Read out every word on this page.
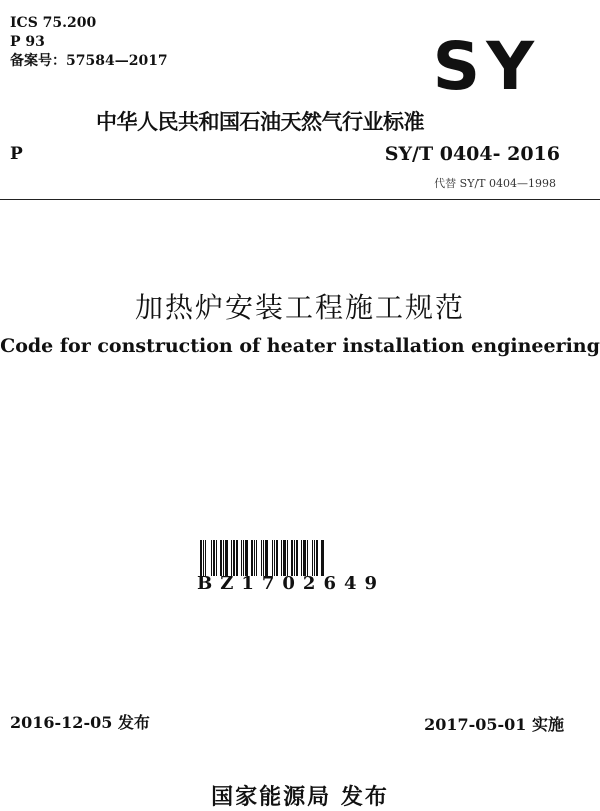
ICS 75.200
P 93
备案号：57584—2017	SY
中华人民共和国石油天然气行业标准
P	SY/T 0404- 2016
代替 SY/T 0404—1998
加热炉安装工程施工规范
Code for construction of heater installation engineering
BZ1702649
2016-12-05 发布	2017-05-01 实施
国家能源局 发布
